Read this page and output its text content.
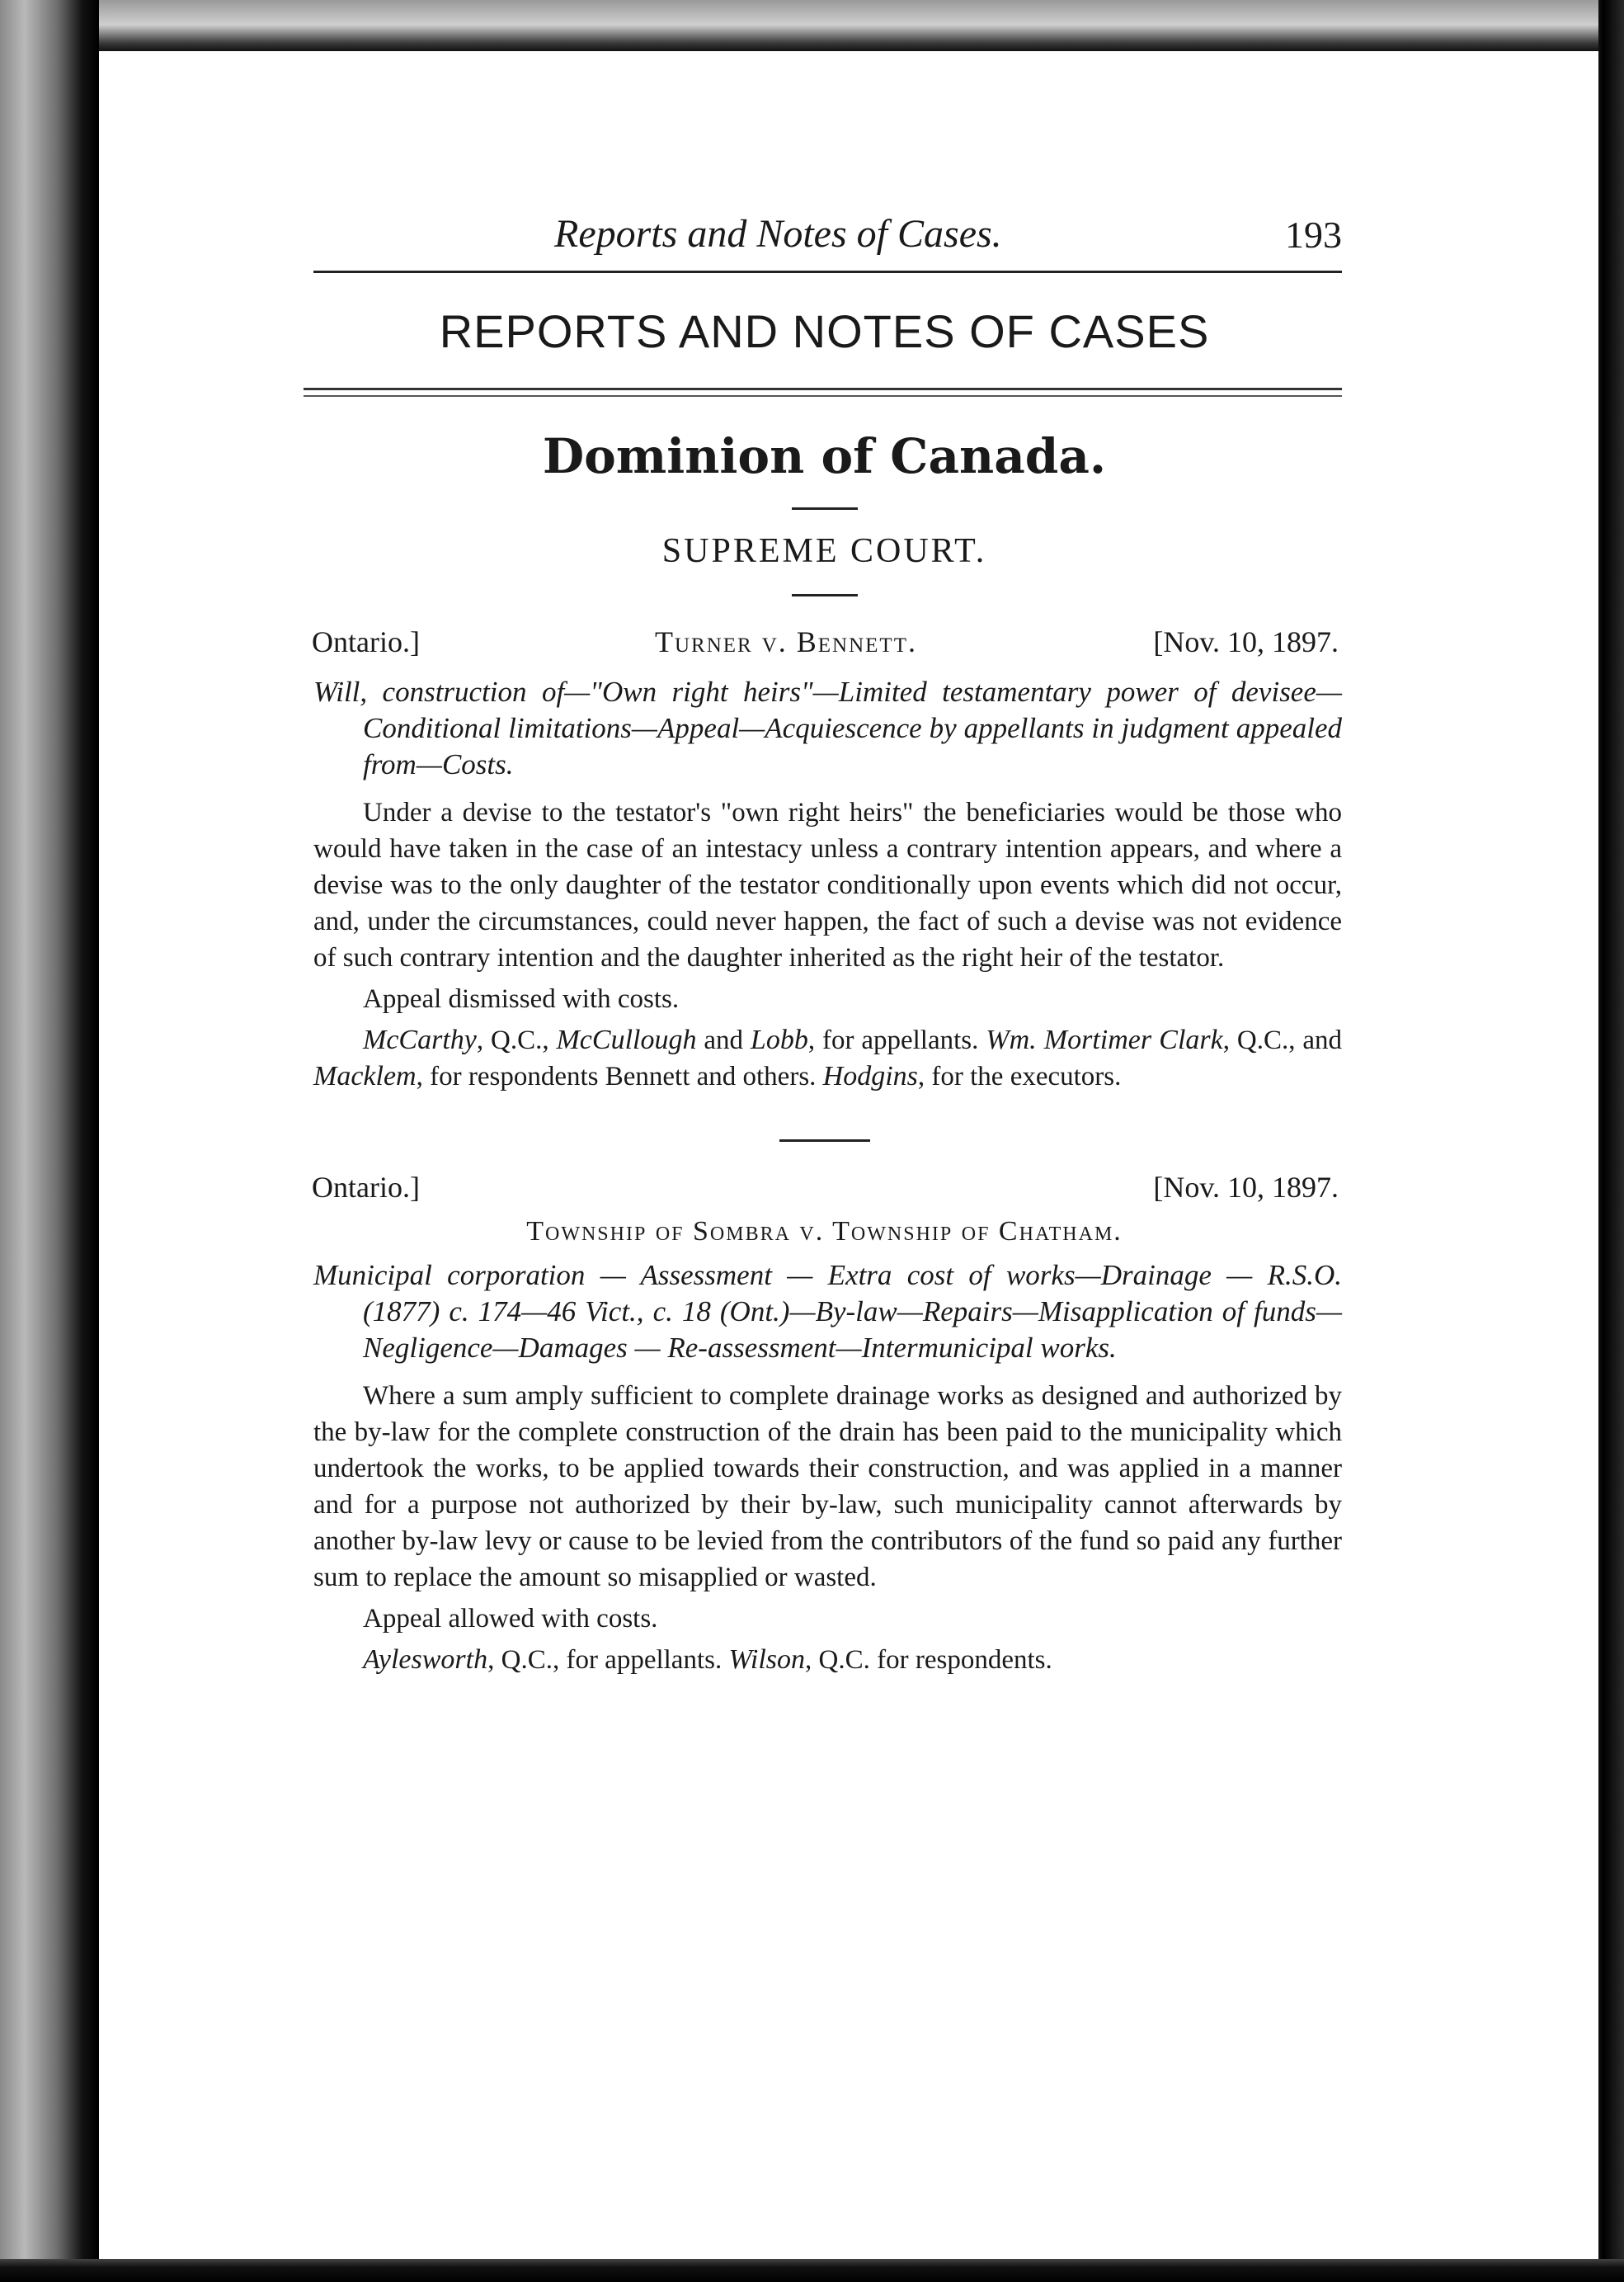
Reports and Notes of Cases.	193
REPORTS AND NOTES OF CASES
Dominion of Canada.
SUPREME COURT.
Ontario.]	Turner v. Bennett.	[Nov. 10, 1897.

Will, construction of—"Own right heirs"—Limited testamentary power of devisee—Conditional limitations—Appeal—Acquiescence by appellants in judgment appealed from—Costs.

Under a devise to the testator's "own right heirs" the beneficiaries would be those who would have taken in the case of an intestacy unless a contrary intention appears, and where a devise was to the only daughter of the testator conditionally upon events which did not occur, and, under the circumstances, could never happen, the fact of such a devise was not evidence of such contrary intention and the daughter inherited as the right heir of the testator.

Appeal dismissed with costs.

McCarthy, Q.C., McCullough and Lobb, for appellants. Wm. Mortimer Clark, Q.C., and Macklem, for respondents Bennett and others. Hodgins, for the executors.

Ontario.]	[Nov. 10, 1897.
Township of Sombra v. Township of Chatham.

Municipal corporation — Assessment — Extra cost of works—Drainage — R.S.O. (1877) c. 174—46 Vict., c. 18 (Ont.)—By-law—Repairs—Misapplication of funds—Negligence—Damages — Re-assessment—Intermunicipal works.

Where a sum amply sufficient to complete drainage works as designed and authorized by the by-law for the complete construction of the drain has been paid to the municipality which undertook the works, to be applied towards their construction, and was applied in a manner and for a purpose not authorized by their by-law, such municipality cannot afterwards by another by-law levy or cause to be levied from the contributors of the fund so paid any further sum to replace the amount so misapplied or wasted.

Appeal allowed with costs.

Aylesworth, Q.C., for appellants. Wilson, Q.C. for respondents.
